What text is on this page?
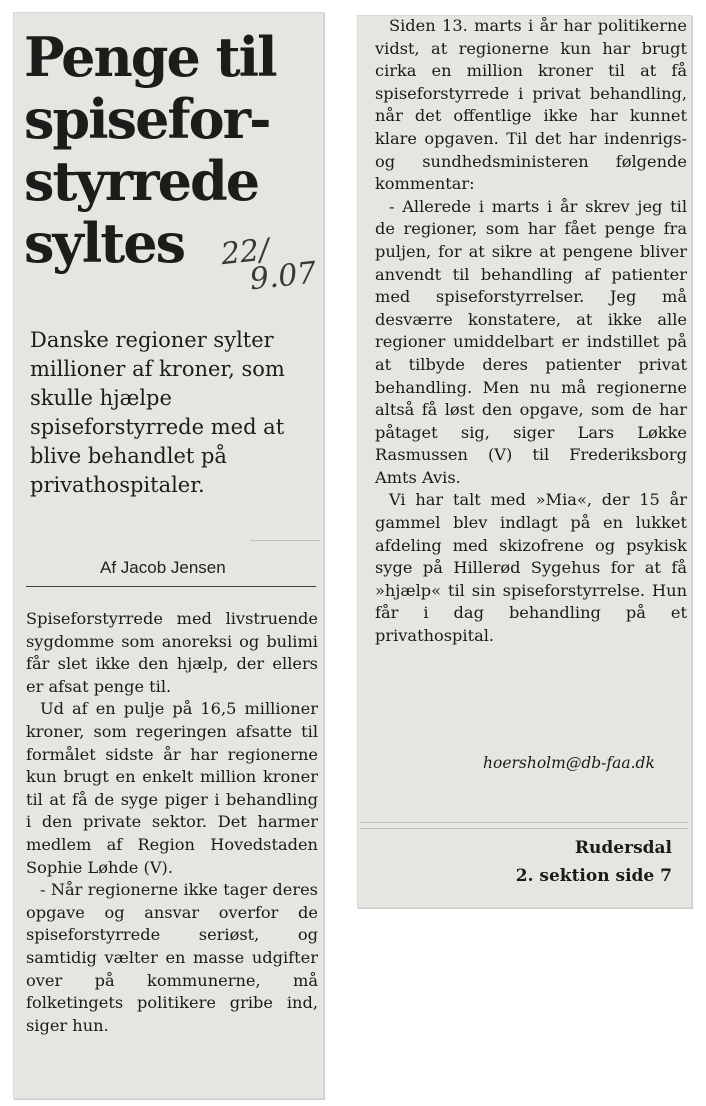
Penge til
spisefor-
styrrede
syltes	22/
9.07

Danske regioner sylter millioner af kroner, som skulle hjælpe spiseforstyrrede med at blive behandlet på privathospitaler.

Af Jacob Jensen

Spiseforstyrrede med livstruende sygdomme som anoreksi og bulimi får slet ikke den hjælp, der ellers er afsat penge til.

Ud af en pulje på 16,5 millioner kroner, som regeringen afsatte til formålet sidste år har regionerne kun brugt en enkelt million kroner til at få de syge piger i behandling i den private sektor. Det harmer medlem af Region Hovedstaden Sophie Løhde (V).

- Når regionerne ikke tager deres opgave og ansvar overfor de spiseforstyrrede seriøst, og samtidig vælter en masse udgifter over på kommunerne, må folketingets politikere gribe ind, siger hun.

Siden 13. marts i år har politikerne vidst, at regionerne kun har brugt cirka en million kroner til at få spiseforstyrrede i privat behandling, når det offentlige ikke har kunnet klare opgaven. Til det har indenrigs- og sundhedsministeren følgende kommentar:

- Allerede i marts i år skrev jeg til de regioner, som har fået penge fra puljen, for at sikre at pengene bliver anvendt til behandling af patienter med spiseforstyrrelser. Jeg må desværre konstatere, at ikke alle regioner umiddelbart er indstillet på at tilbyde deres patienter privat behandling. Men nu må regionerne altså få løst den opgave, som de har påtaget sig, siger Lars Løkke Rasmussen (V) til Frederiksborg Amts Avis.

Vi har talt med »Mia«, der 15 år gammel blev indlagt på en lukket afdeling med skizofrene og psykisk syge på Hillerød Sygehus for at få »hjælp« til sin spiseforstyrrelse. Hun får i dag behandling på et privathospital.

hoersholm@db-faa.dk
Rudersdal
2. sektion side 7
